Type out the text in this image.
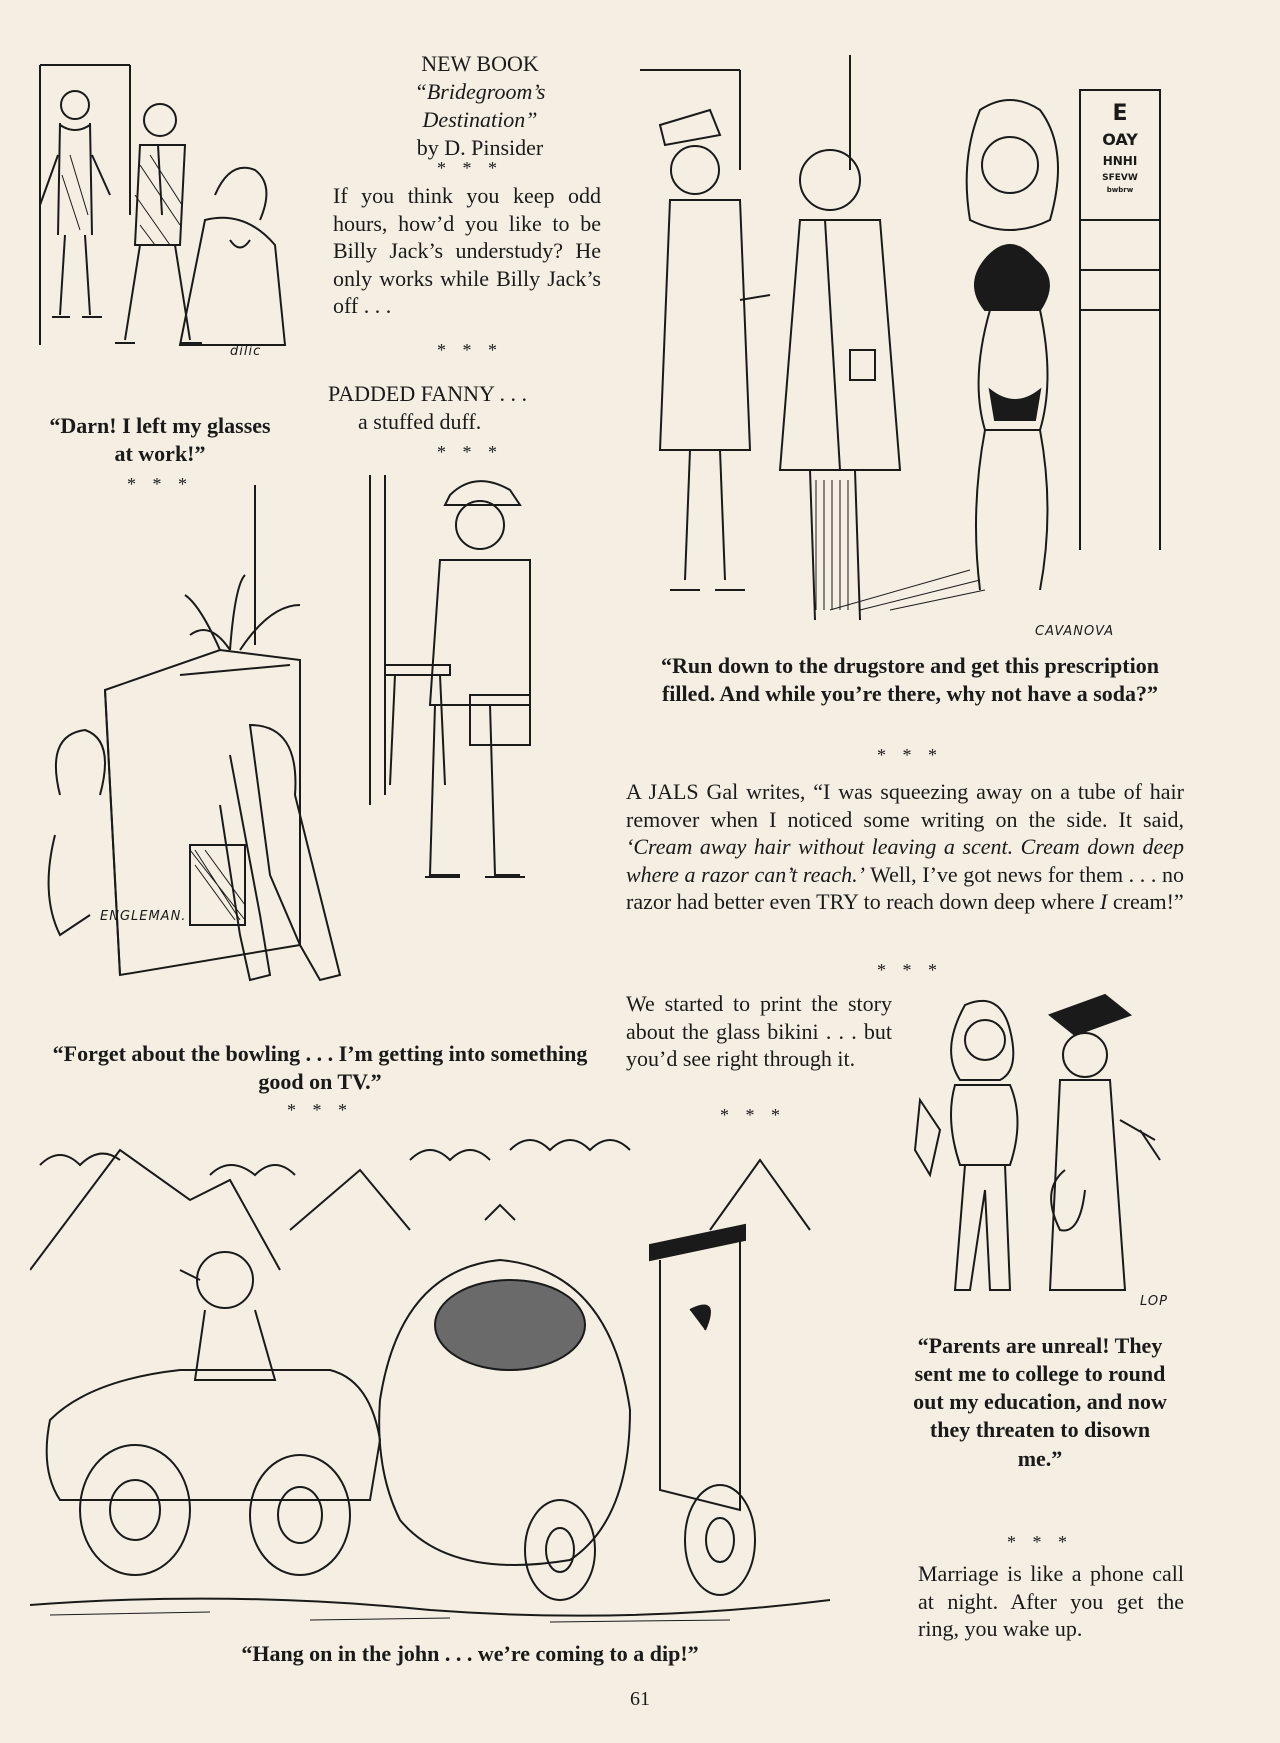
dilic
“Darn! I left my glasses at work!”
* * *
NEW BOOK
“Bridegroom’s
Destination”
by D. Pinsider
* * *
If you think you keep odd hours, how’d you like to be Billy Jack’s understudy? He only works while Billy Jack’s off . . .
* * *
PADDED FANNY . . .
a stuffed duff.
* * *
E
OAY
HNHI
SFEVW
bwbrw
CAVANOVA
“Run down to the drugstore and get this prescription filled. And while you’re there, why not have a soda?”
* * *
ENGLEMAN.
“Forget about the bowling . . . I’m getting into something good on TV.”
* * *
A JALS Gal writes, “I was squeezing away on a tube of hair remover when I noticed some writing on the side. It said, ‘Cream away hair without leaving a scent. Cream down deep where a razor can’t reach.’ Well, I’ve got news for them . . . no razor had better even TRY to reach down deep where I cream!”
* * *
We started to print the story about the glass bikini . . . but you’d see right through it.
* * *
LOP
“Parents are unreal! They sent me to college to round out my education, and now they threaten to disown me.”
* * *
Marriage is like a phone call at night. After you get the ring, you wake up.
“Hang on in the john . . . we’re coming to a dip!”
61
